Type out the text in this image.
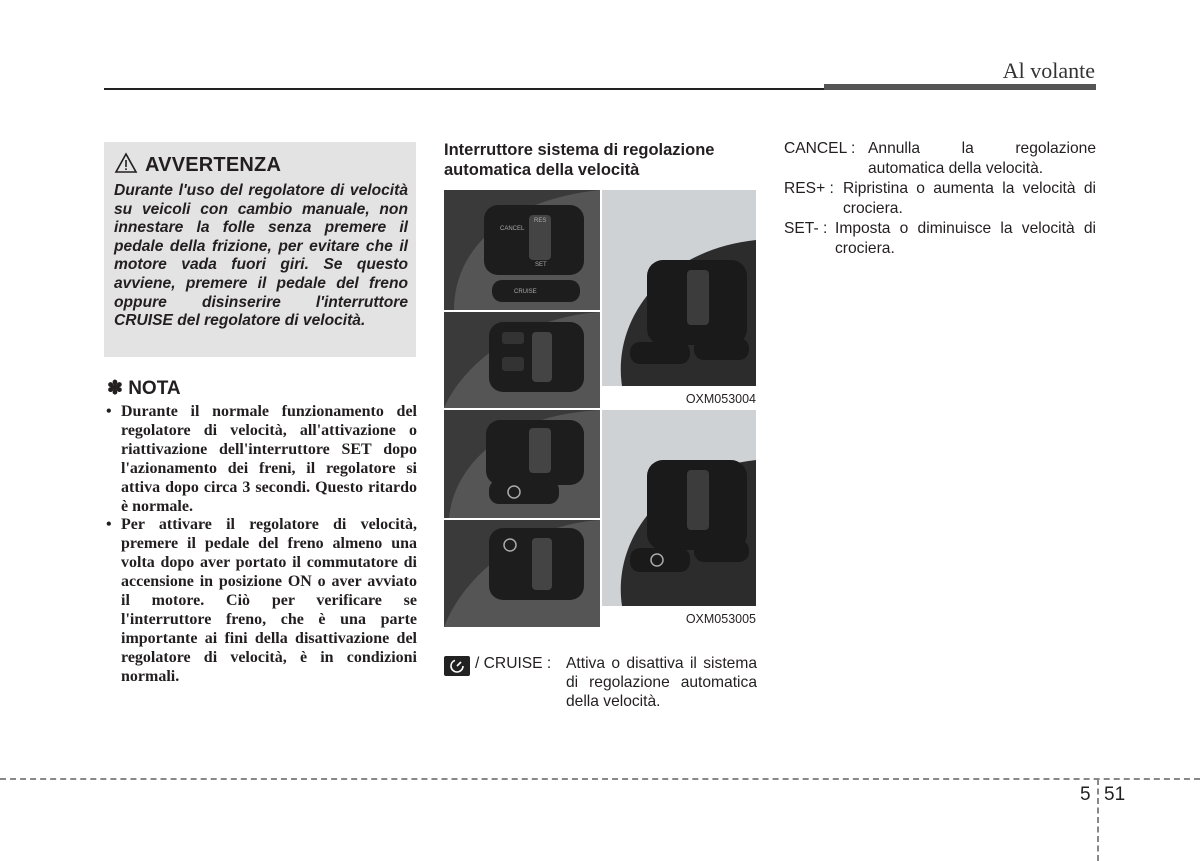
Al volante
AVVERTENZA
Durante l'uso del regolatore di velocità su veicoli con cambio manuale, non innestare la folle senza premere il pedale della frizione, per evitare che il motore vada fuori giri. Se questo avviene, premere il pedale del freno oppure disinserire l'interruttore CRUISE del regolatore di velocità.
✽ NOTA
• Durante il normale funzionamento del regolatore di velocità, all'attivazione o riattivazione dell'interruttore SET dopo l'azionamento dei freni, il regolatore si attiva dopo circa 3 secondi. Questo ritardo è normale.
• Per attivare il regolatore di velocità, premere il pedale del freno almeno una volta dopo aver portato il commutatore di accensione in posizione ON o aver avviato il motore. Ciò per verificare se l'interruttore freno, che è una parte importante ai fini della disattivazione del regolatore di velocità, è in condizioni normali.
Interruttore sistema di regolazione automatica della velocità
CANCEL
RES
SET
CRUISE
OXM053004
OXM053005
/ CRUISE : Attiva o disattiva il sistema di regolazione automatica della velocità.
CANCEL : Annulla la regolazione automatica della velocità.
RES+ : Ripristina o aumenta la velocità di crociera.
SET- : Imposta o diminuisce la velocità di crociera.
5 51
